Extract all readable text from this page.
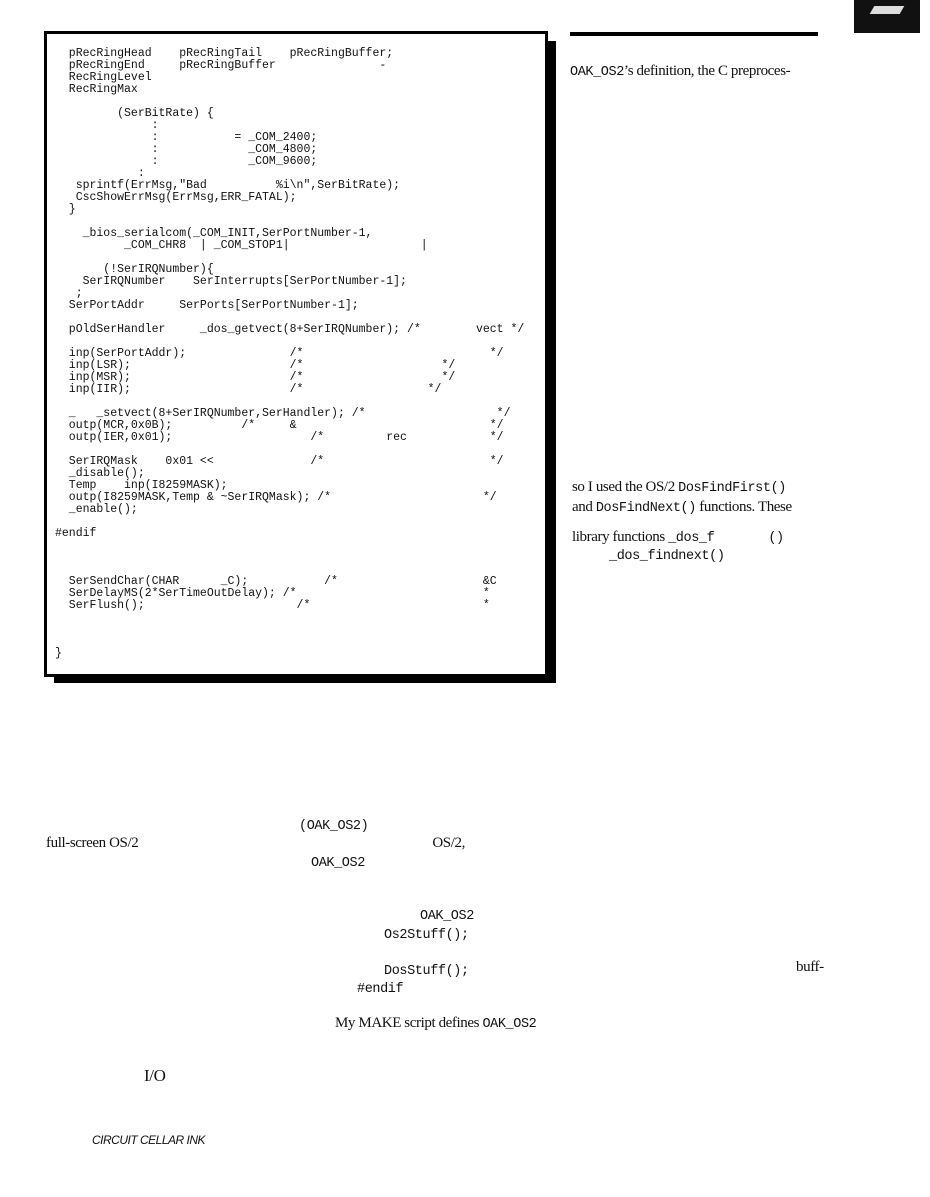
pRecRingHead    pRecRingTail    pRecRingBuffer;
pRecRingEnd     pRecRingBuffer               -
RecRingLevel
RecRingMax
(SerBitRate) {
:
:           = _COM_2400;
:             _COM_4800;
:             _COM_9600;
:
sprintf(ErrMsg,"Bad          %i\n",SerBitRate);
CscShowErrMsg(ErrMsg,ERR_FATAL);
}
_bios_serialcom(_COM_INIT,SerPortNumber-1,
_COM_CHR8  | _COM_STOP1|                   |
(!SerIRQNumber){
SerIRQNumber    SerInterrupts[SerPortNumber-1];
;
SerPortAddr     SerPorts[SerPortNumber-1];
pOldSerHandler     _dos_getvect(8+SerIRQNumber); /*        vect */
inp(SerPortAddr);               /*                           */
inp(LSR);                       /*                    */
inp(MSR);                       /*                    */
inp(IIR);                       /*                  */
_   _setvect(8+SerIRQNumber,SerHandler); /*                   */
outp(MCR,0x0B);          /*     &                            */
outp(IER,0x01);                    /*         rec            */
SerIRQMask    0x01 <<              /*                        */
_disable();
Temp    inp(I8259MASK);
outp(I8259MASK,Temp & ~SerIRQMask); /*                      */
_enable();
#endif
SerSendChar(CHAR      _C);           /*                     &C
SerDelayMS(2*SerTimeOutDelay); /*                           *
SerFlush();                      /*                         *
}
OAK_OS2’s definition, the C preproces-
so I used the OS/2 DosFindFirst()
and DosFindNext() functions. These
library functions _dos_f	()
_dos_findnext()
buff-
(OAK_OS2)
full-screen OS/2	OS/2,
OAK_OS2
OAK_OS2
Os2Stuff();
DosStuff();
#endif
My MAKE script defines OAK_OS2
I/O
CIRCUIT CELLAR INK
